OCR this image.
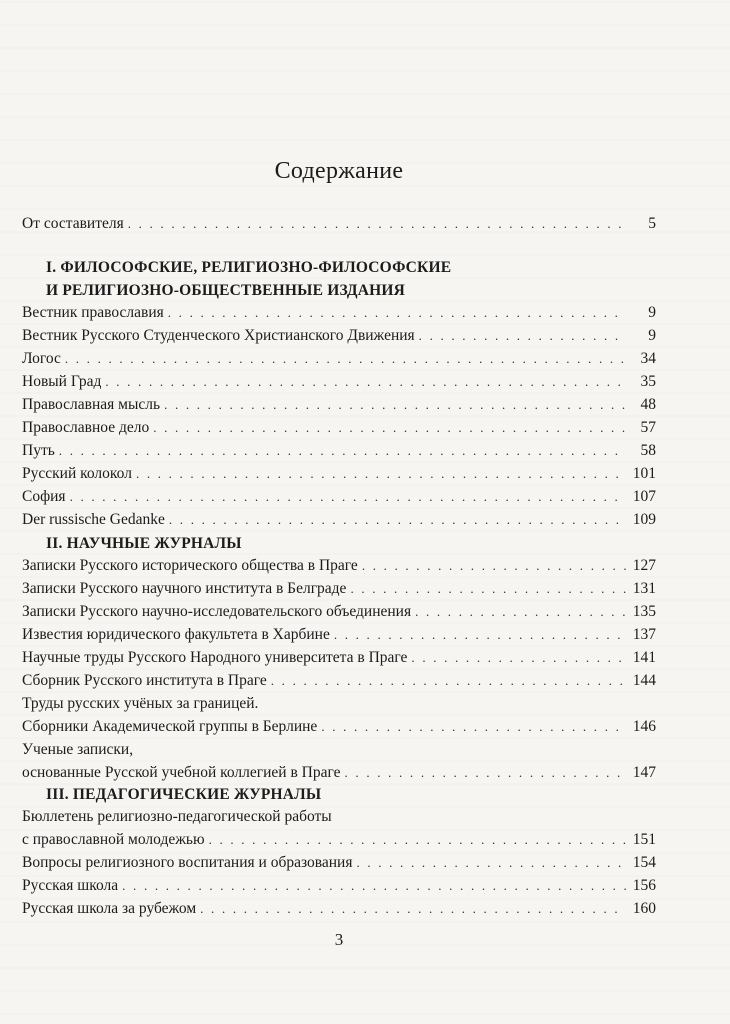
Содержание
От составителя . . .	5
I. ФИЛОСОФСКИЕ, РЕЛИГИОЗНО-ФИЛОСОФСКИЕ
И РЕЛИГИОЗНО-ОБЩЕСТВЕННЫЕ ИЗДАНИЯ
Вестник православия . . .	9
Вестник Русского Студенческого Христианского Движения . . .	9
Логос . . .	34
Новый Град . . .	35
Православная мысль . . .	48
Православное дело . . .	57
Путь . . .	58
Русский колокол . . .	101
София . . .	107
Der russische Gedanke . . .	109
II. НАУЧНЫЕ ЖУРНАЛЫ
Записки Русского исторического общества в Праге . . .	127
Записки Русского научного института в Белграде . . .	131
Записки Русского научно-исследовательского объединения . . .	135
Известия юридического факультета в Харбине . . .	137
Научные труды Русского Народного университета в Праге . . .	141
Сборник Русского института в Праге . . .	144
Труды русских учёных за границей.
Сборники Академической группы в Берлине . . .	146
Ученые записки,
основанные Русской учебной коллегией в Праге . . .	147
III. ПЕДАГОГИЧЕСКИЕ ЖУРНАЛЫ
Бюллетень религиозно-педагогической работы
с православной молодежью . . .	151
Вопросы религиозного воспитания и образования . . .	154
Русская школа . . .	156
Русская школа за рубежом . . .	160
3
